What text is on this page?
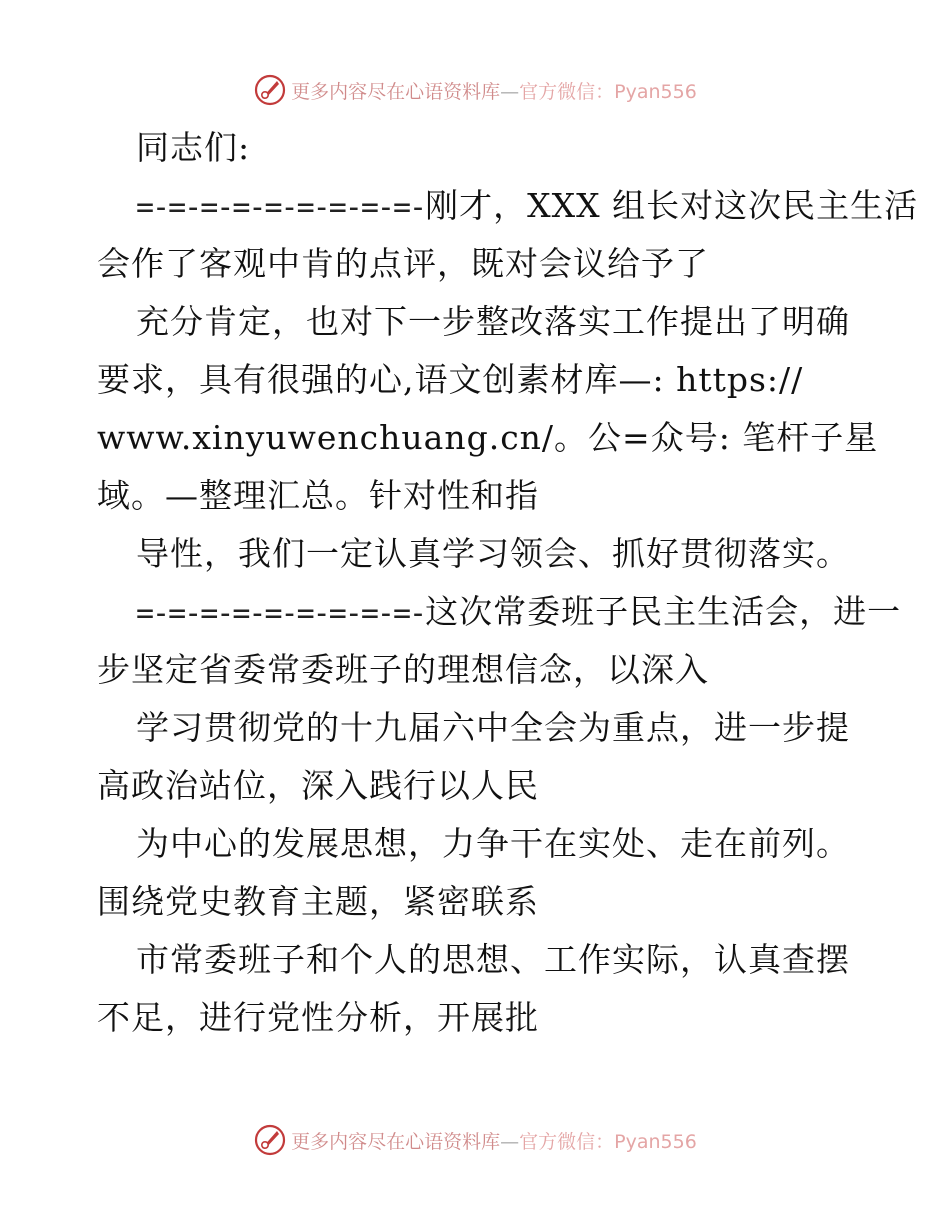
更多内容尽在心语资料库—官方微信：Pyan556
同志们:
=-=-=-=-=-=-=-=-=-刚才，XXX 组长对这次民主生活
会作了客观中肯的点评，既对会议给予了
充分肯定，也对下一步整改落实工作提出了明确
要求，具有很强的心,语文创素材库—: https://
www.xinyuwenchuang.cn/。公=众号: 笔杆子星
域。—整理汇总。针对性和指
导性，我们一定认真学习领会、抓好贯彻落实。
=-=-=-=-=-=-=-=-=-这次常委班子民主生活会，进一
步坚定省委常委班子的理想信念，以深入
学习贯彻党的十九届六中全会为重点，进一步提
高政治站位，深入践行以人民
为中心的发展思想，力争干在实处、走在前列。
围绕党史教育主题，紧密联系
市常委班子和个人的思想、工作实际，认真查摆
不足，进行党性分析，开展批
更多内容尽在心语资料库—官方微信：Pyan556
